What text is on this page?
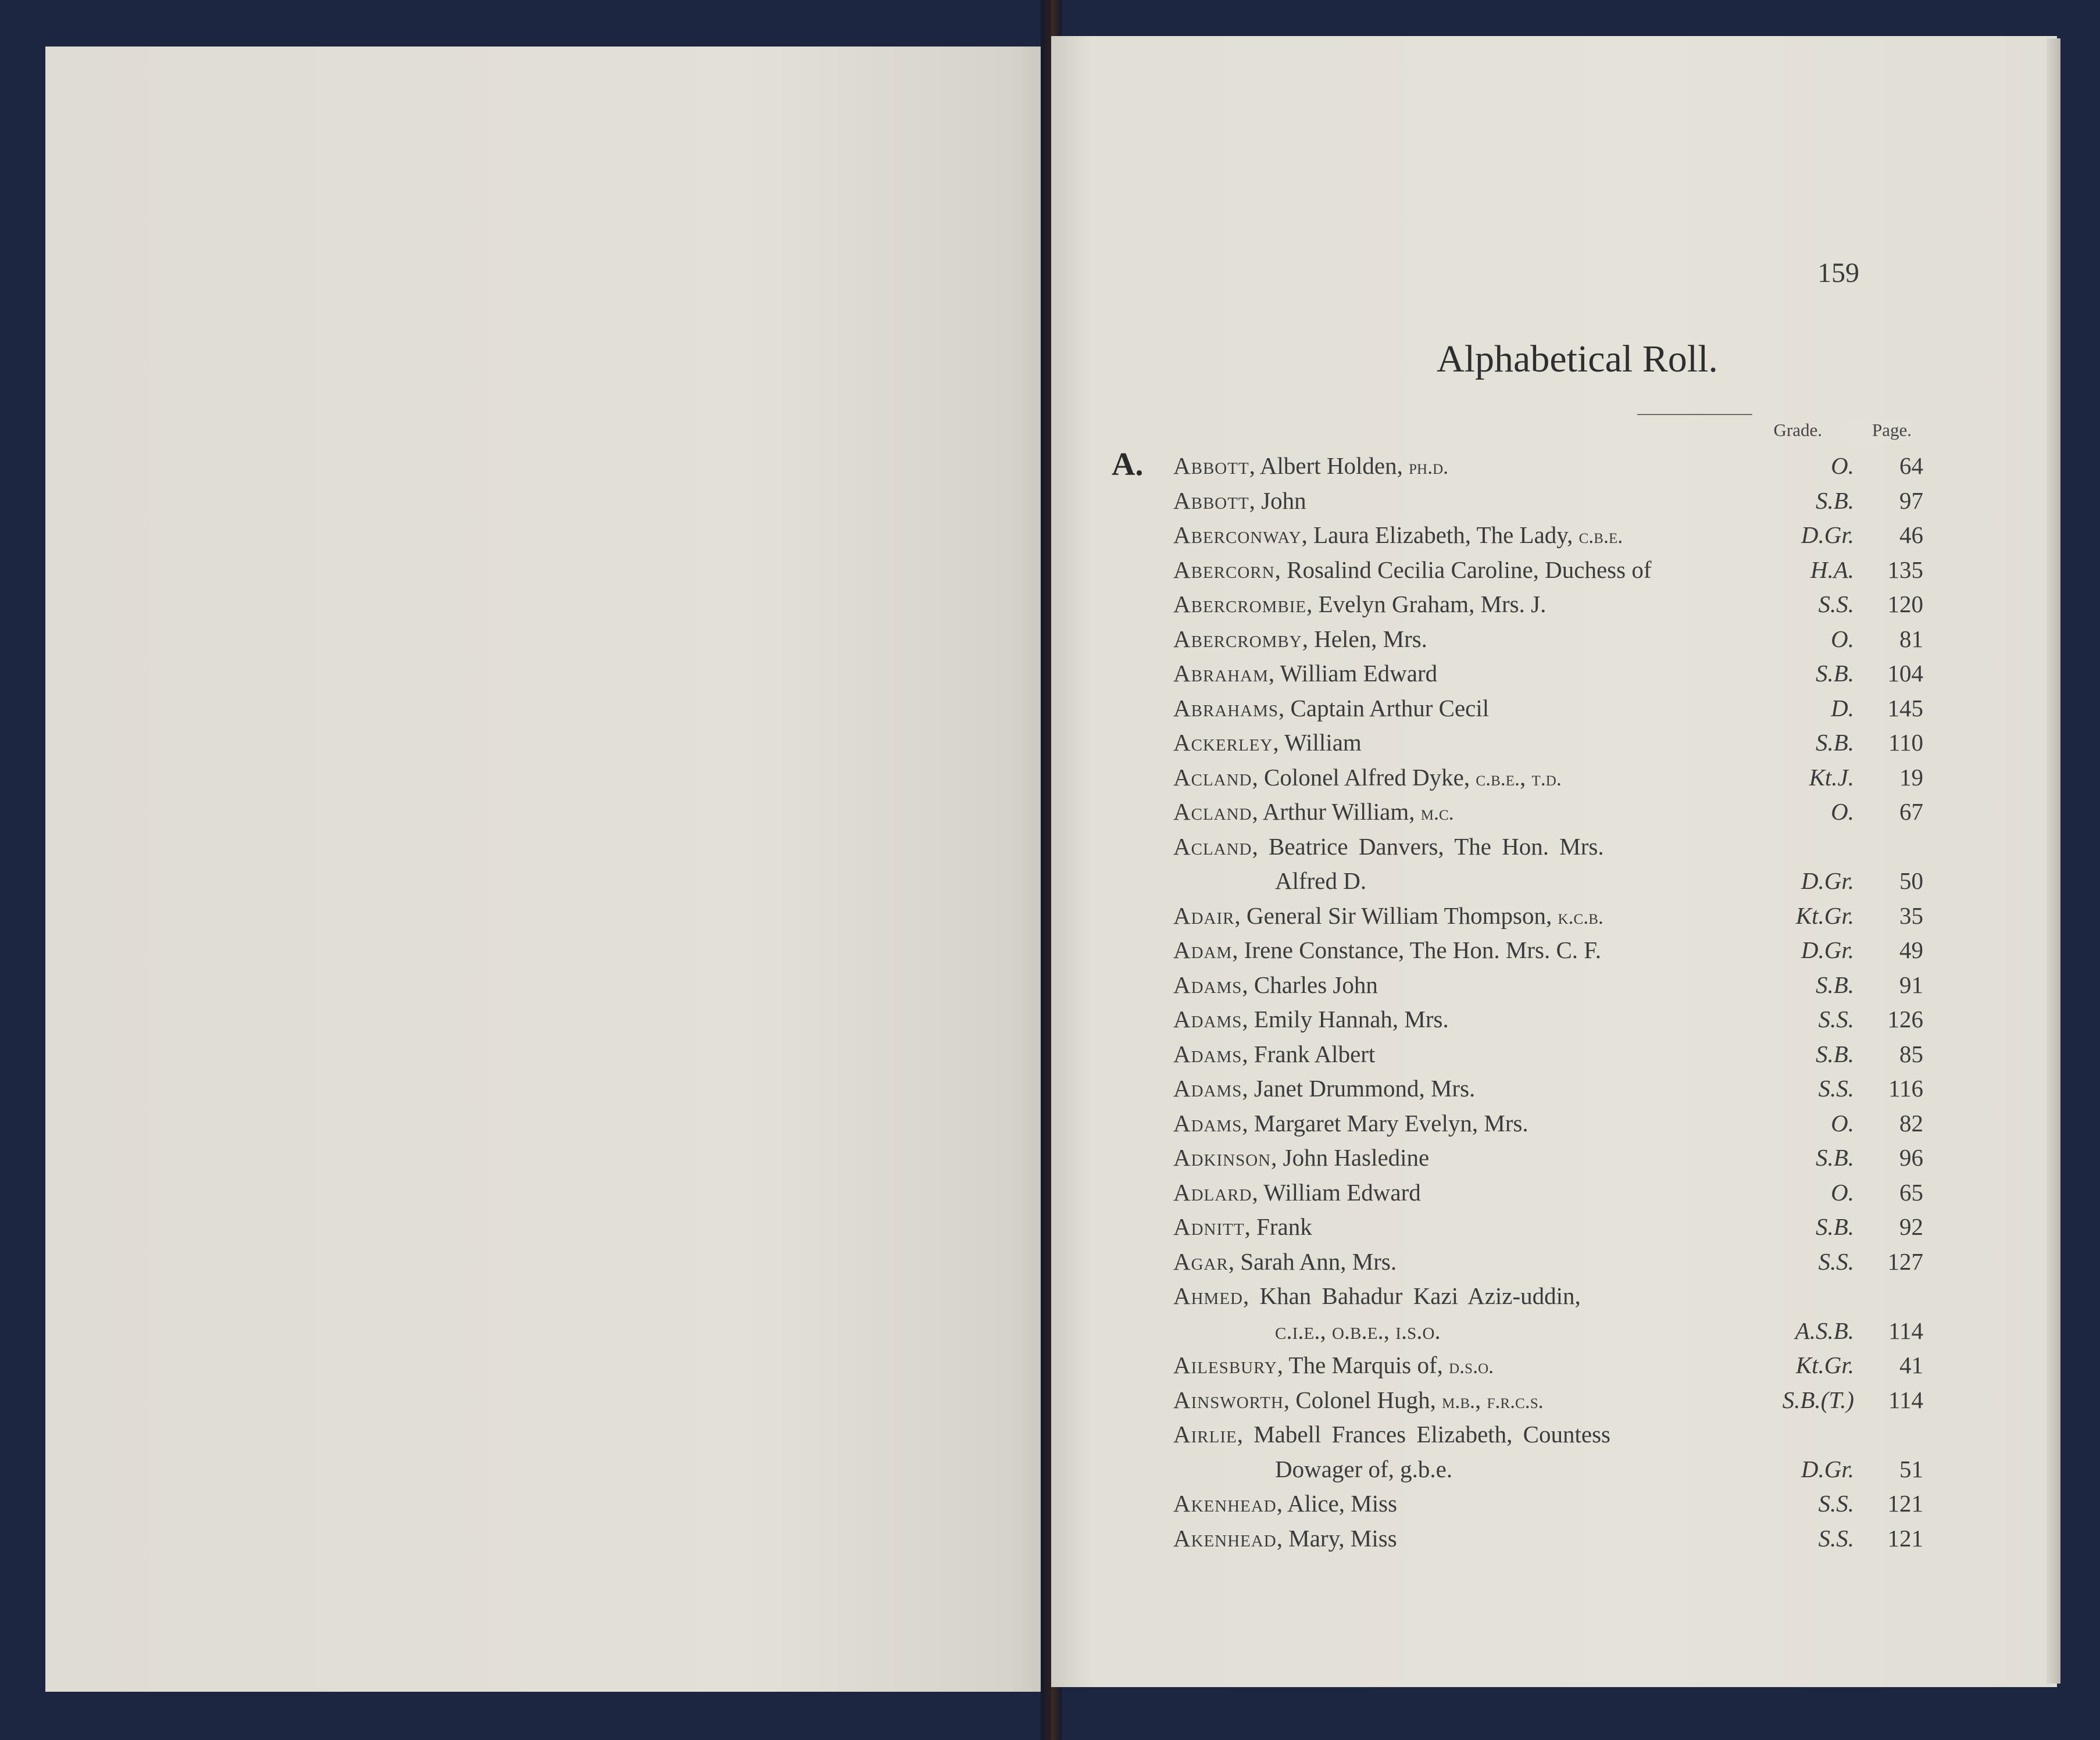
159
Alphabetical Roll.
Grade.	Page.
A. Abbott, Albert Holden, ph.d.	O.	64
Abbott, John	S.B.	97
Aberconway, Laura Elizabeth, The Lady, c.b.e.	D.Gr.	46
Abercorn, Rosalind Cecilia Caroline, Duchess of	H.A.	135
Abercrombie, Evelyn Graham, Mrs. J.	S.S.	120
Abercromby, Helen, Mrs.	O.	81
Abraham, William Edward	S.B.	104
Abrahams, Captain Arthur Cecil	D.	145
Ackerley, William	S.B.	110
Acland, Colonel Alfred Dyke, c.b.e., t.d.	Kt.J.	19
Acland, Arthur William, m.c.	O.	67
Acland, Beatrice Danvers, The Hon. Mrs.
Alfred D.	D.Gr.	50
Adair, General Sir William Thompson, k.c.b.	Kt.Gr.	35
Adam, Irene Constance, The Hon. Mrs. C. F.	D.Gr.	49
Adams, Charles John	S.B.	91
Adams, Emily Hannah, Mrs.	S.S.	126
Adams, Frank Albert	S.B.	85
Adams, Janet Drummond, Mrs.	S.S.	116
Adams, Margaret Mary Evelyn, Mrs.	O.	82
Adkinson, John Hasledine	S.B.	96
Adlard, William Edward	O.	65
Adnitt, Frank	S.B.	92
Agar, Sarah Ann, Mrs.	S.S.	127
Ahmed, Khan Bahadur Kazi Aziz-uddin,
c.i.e., o.b.e., i.s.o.	A.S.B.	114
Ailesbury, The Marquis of, d.s.o.	Kt.Gr.	41
Ainsworth, Colonel Hugh, m.b., f.r.c.s.	S.B.(T.)	114
Airlie, Mabell Frances Elizabeth, Countess
Dowager of, g.b.e.	D.Gr.	51
Akenhead, Alice, Miss	S.S.	121
Akenhead, Mary, Miss	S.S.	121
